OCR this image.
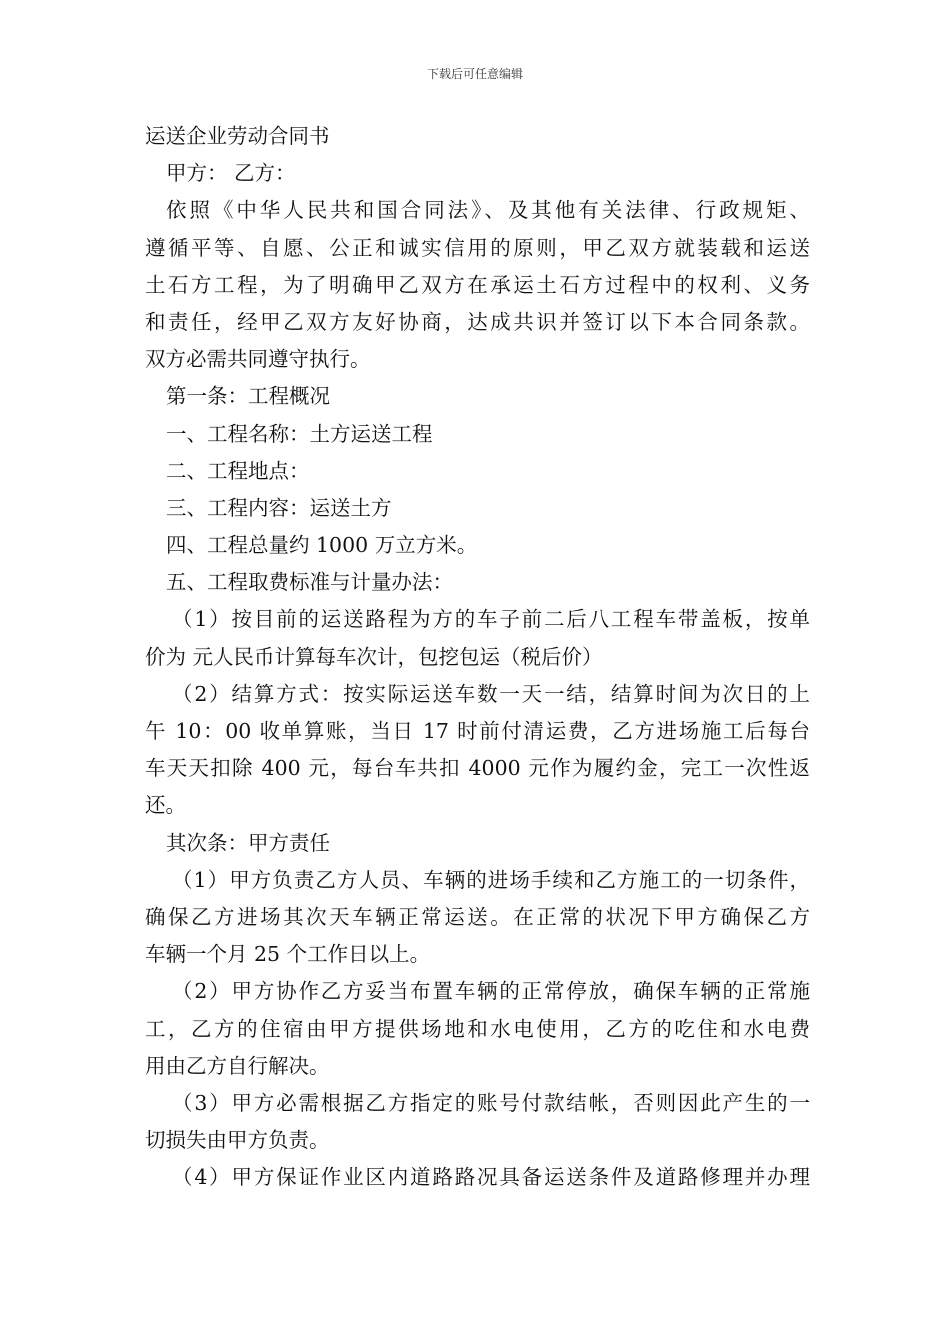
下载后可任意编辑
运送企业劳动合同书
甲方： 乙方：
依照《中华人民共和国合同法》、及其他有关法律、行政规矩、
遵循平等、自愿、公正和诚实信用的原则，甲乙双方就装载和运送
土石方工程，为了明确甲乙双方在承运土石方过程中的权利、义务
和责任，经甲乙双方友好协商，达成共识并签订以下本合同条款。
双方必需共同遵守执行。
第一条：工程概况
一、工程名称：土方运送工程
二、工程地点：
三、工程内容：运送土方
四、工程总量约 1000 万立方米。
五、工程取费标准与计量办法：
（1）按目前的运送路程为方的车子前二后八工程车带盖板，按单
价为 元人民币计算每车次计，包挖包运（税后价）
（2）结算方式：按实际运送车数一天一结，结算时间为次日的上
午 10：00 收单算账，当日 17 时前付清运费，乙方进场施工后每台
车天天扣除 400 元，每台车共扣 4000 元作为履约金，完工一次性返
还。
其次条：甲方责任
（1）甲方负责乙方人员、车辆的进场手续和乙方施工的一切条件，
确保乙方进场其次天车辆正常运送。在正常的状况下甲方确保乙方
车辆一个月 25 个工作日以上。
（2）甲方协作乙方妥当布置车辆的正常停放，确保车辆的正常施
工，乙方的住宿由甲方提供场地和水电使用，乙方的吃住和水电费
用由乙方自行解决。
（3）甲方必需根据乙方指定的账号付款结帐，否则因此产生的一
切损失由甲方负责。
（4）甲方保证作业区内道路路况具备运送条件及道路修理并办理
